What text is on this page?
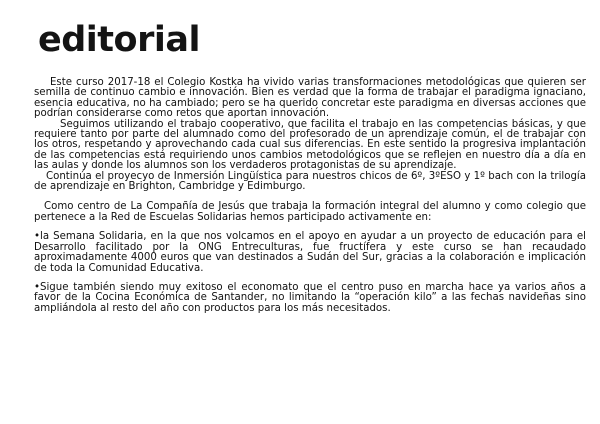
editorial

Este curso 2017-18 el Colegio Kostka ha vivido varias transformaciones metodológicas que quieren ser semilla de continuo cambio e innovación. Bien es verdad que la forma de trabajar el paradigma ignaciano, esencia educativa, no ha cambiado; pero se ha querido concretar este paradigma en diversas acciones que podrían considerarse como retos que aportan innovación.

Seguimos utilizando el trabajo cooperativo, que facilita el trabajo en las competencias básicas, y que requiere tanto por parte del alumnado como del profesorado de un aprendizaje común, el de trabajar con los otros, respetando y aprovechando cada cual sus diferencias. En este sentido la progresiva implantación de las competencias está requiriendo unos cambios metodológicos que se reflejen en nuestro día a día en las aulas y donde los alumnos son los verdaderos protagonistas de su aprendizaje.

Continúa el proyecyo de Inmersión Lingüística para nuestros chicos de 6º, 3ºESO y 1º bach con la trilogía de aprendizaje en Brighton, Cambridge y Edimburgo.

Como centro de La Compañía de Jesús que trabaja la formación integral del alumno y como colegio que pertenece a la Red de Escuelas Solidarias hemos participado activamente en:

•la Semana Solidaria, en la que nos volcamos en el apoyo en ayudar a un proyecto de educación para el Desarrollo facilitado por la ONG Entreculturas, fue fructífera y este curso se han recaudado aproximadamente 4000 euros que van destinados a Sudán del Sur, gracias a la colaboración e implicación de toda la Comunidad Educativa.

•Sigue también siendo muy exitoso el economato que el centro puso en marcha hace ya varios años a favor de la Cocina Económica de Santander, no limitando la “operación kilo” a las fechas navideñas sino ampliándola al resto del año con productos para los más necesitados.
